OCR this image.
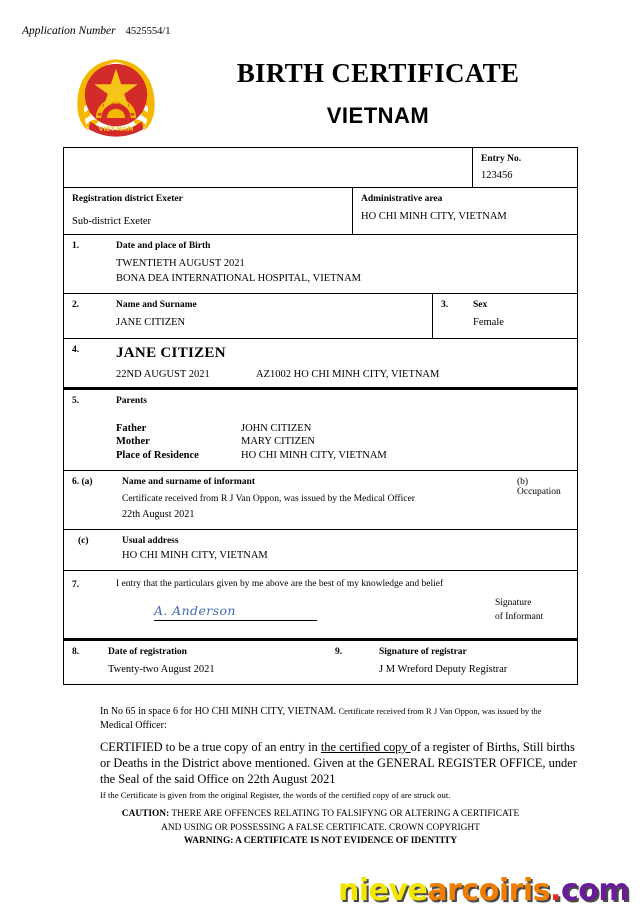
Application Number 4525554/1
VIET NAM
BIRTH CERTIFICATE
VIETNAM
Entry No.
123456
Registration district Exeter
Sub-district Exeter
Administrative area
HO CHI MINH CITY, VIETNAM
1.	Date and place of Birth
TWENTIETH AUGUST 2021
BONA DEA INTERNATIONAL HOSPITAL, VIETNAM
2.	Name and Surname
JANE CITIZEN
3.	Sex
Female
4.	JANE CITIZEN
22ND AUGUST 2021	AZ1002 HO CHI MINH CITY, VIETNAM
5.	Parents
Father	JOHN CITIZEN
Mother	MARY CITIZEN
Place of Residence	HO CHI MINH CITY, VIETNAM
6. (a)	Name and surname of informant	(b) Occupation
Certificate received from R J Van Oppon, was issued by the Medical Officer
22th August 2021
(c)	Usual address
HO CHI MINH CITY, VIETNAM
7.	I entry that the particulars given by me above are the best of my knowledge and belief
A. Anderson	Signature
of Informant
8.	Date of registration
Twenty-two August 2021
9.	Signature of registrar
J M Wreford Deputy Registrar
In No 65 in space 6 for HO CHI MINH CITY, VIETNAM. Certificate received from R J Van Oppon, was issued by the
Medical Officer:
CERTIFIED to be a true copy of an entry in the certified copy of a register of Births, Still births or Deaths in the District above mentioned. Given at the GENERAL REGISTER OFFICE, under the Seal of the said Office on 22th August 2021
If the Certificate is given from the original Register, the words of the certified copy of are struck out.
CAUTION: THERE ARE OFFENCES RELATING TO FALSIFYNG OR ALTERING A CERTIFICATE
AND USING OR POSSESSING A FALSE CERTIFICATE. CROWN COPYRIGHT
WARNING: A CERTIFICATE IS NOT EVIDENCE OF IDENTITY
nievearcoiris.com
